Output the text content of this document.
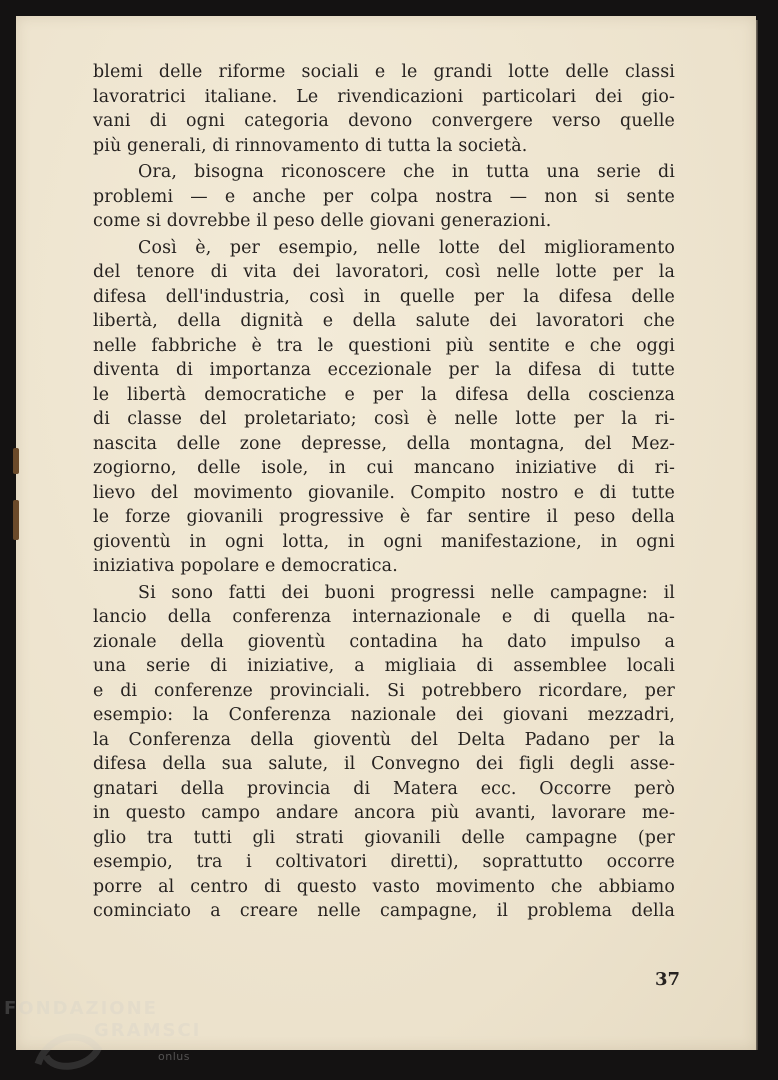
blemi delle riforme sociali e le grandi lotte delle classi
lavoratrici italiane. Le rivendicazioni particolari dei gio-
vani di ogni categoria devono convergere verso quelle
più generali, di rinnovamento di tutta la società.
Ora, bisogna riconoscere che in tutta una serie di
problemi — e anche per colpa nostra — non si sente
come si dovrebbe il peso delle giovani generazioni.
Così è, per esempio, nelle lotte del miglioramento
del tenore di vita dei lavoratori, così nelle lotte per la
difesa dell'industria, così in quelle per la difesa delle
libertà, della dignità e della salute dei lavoratori che
nelle fabbriche è tra le questioni più sentite e che oggi
diventa di importanza eccezionale per la difesa di tutte
le libertà democratiche e per la difesa della coscienza
di classe del proletariato; così è nelle lotte per la ri-
nascita delle zone depresse, della montagna, del Mez-
zogiorno, delle isole, in cui mancano iniziative di ri-
lievo del movimento giovanile. Compito nostro e di tutte
le forze giovanili progressive è far sentire il peso della
gioventù in ogni lotta, in ogni manifestazione, in ogni
iniziativa popolare e democratica.
Si sono fatti dei buoni progressi nelle campagne: il
lancio della conferenza internazionale e di quella na-
zionale della gioventù contadina ha dato impulso a
una serie di iniziative, a migliaia di assemblee locali
e di conferenze provinciali. Si potrebbero ricordare, per
esempio: la Conferenza nazionale dei giovani mezzadri,
la Conferenza della gioventù del Delta Padano per la
difesa della sua salute, il Convegno dei figli degli asse-
gnatari della provincia di Matera ecc. Occorre però
in questo campo andare ancora più avanti, lavorare me-
glio tra tutti gli strati giovanili delle campagne (per
esempio, tra i coltivatori diretti), soprattutto occorre
porre al centro di questo vasto movimento che abbiamo
cominciato a creare nelle campagne, il problema della
37
FONDAZIONE
GRAMSCI
onlus
